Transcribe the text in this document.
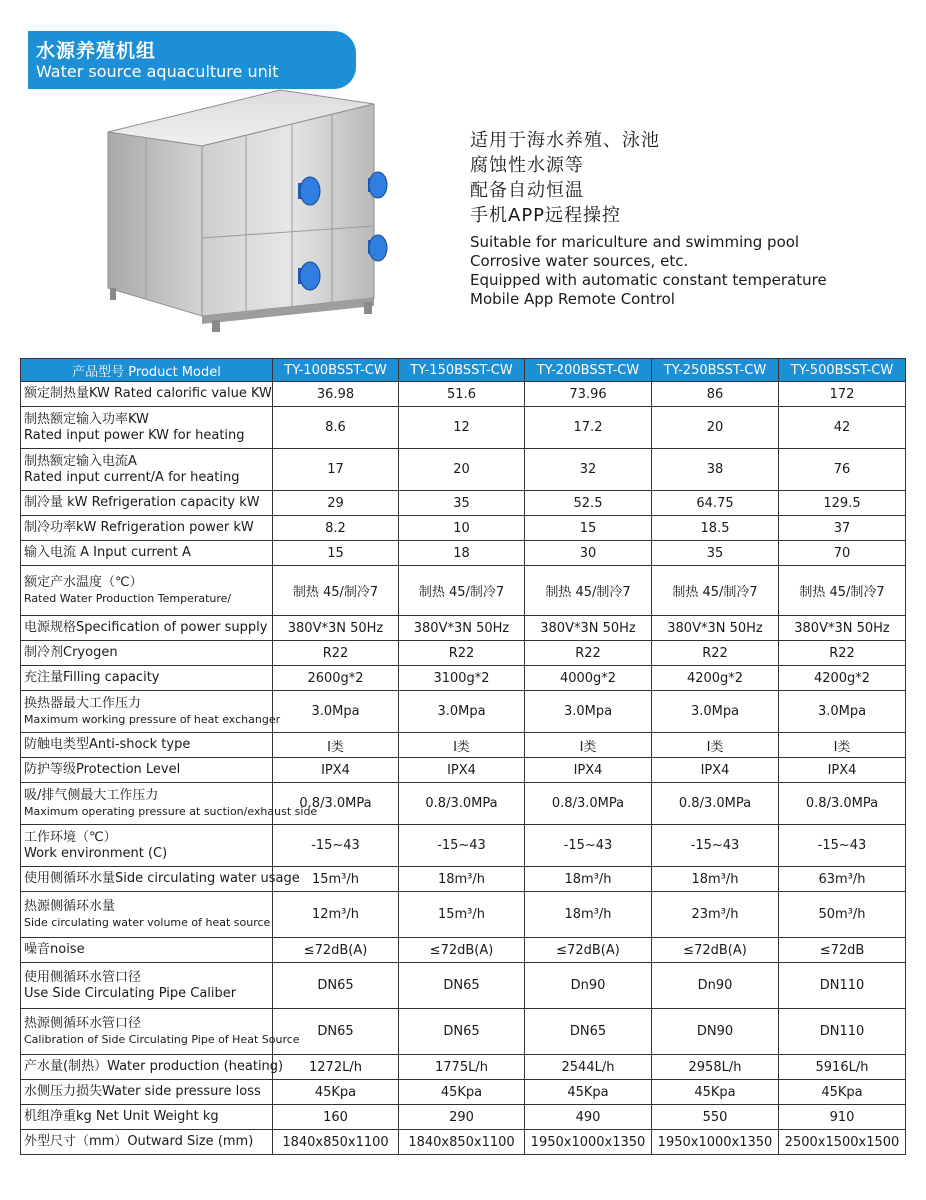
水源养殖机组
Water source aquaculture unit
适用于海水养殖、泳池
腐蚀性水源等
配备自动恒温
手机APP远程操控
Suitable for mariculture and swimming pool
Corrosive water sources, etc.
Equipped with automatic constant temperature
Mobile App Remote Control
产品型号 Product Model	TY-100BSST-CW	TY-150BSST-CW	TY-200BSST-CW	TY-250BSST-CW	TY-500BSST-CW
额定制热量KW Rated calorific value KW	36.98	51.6	73.96	86	172

制热额定输入功率KW
Rated input power KW for heating	8.6	12	17.2	20	42

制热额定输入电流A
Rated input current/A for heating	17	20	32	38	76
制冷量 kW Refrigeration capacity kW	29	35	52.5	64.75	129.5
制冷功率kW Refrigeration power kW	8.2	10	15	18.5	37
输入电流 A Input current A	15	18	30	35	70

额定产水温度（℃）
Rated Water Production Temperature/	制热 45/制冷7	制热 45/制冷7	制热 45/制冷7	制热 45/制冷7	制热 45/制冷7
电源规格Specification of power supply	380V*3N 50Hz	380V*3N 50Hz	380V*3N 50Hz	380V*3N 50Hz	380V*3N 50Hz
制冷剂Cryogen	R22	R22	R22	R22	R22
充注量Filling capacity	2600g*2	3100g*2	4000g*2	4200g*2	4200g*2

换热器最大工作压力
Maximum working pressure of heat exchanger	3.0Mpa	3.0Mpa	3.0Mpa	3.0Mpa	3.0Mpa
防触电类型Anti-shock type	I类	I类	I类	I类	I类
防护等级Protection Level	IPX4	IPX4	IPX4	IPX4	IPX4

吸/排气侧最大工作压力
Maximum operating pressure at suction/exhaust side	0.8/3.0MPa	0.8/3.0MPa	0.8/3.0MPa	0.8/3.0MPa	0.8/3.0MPa

工作环境（℃）
Work environment (C)	-15~43	-15~43	-15~43	-15~43	-15~43
使用侧循环水量Side circulating water usage	15m³/h	18m³/h	18m³/h	18m³/h	63m³/h

热源侧循环水量
Side circulating water volume of heat source	12m³/h	15m³/h	18m³/h	23m³/h	50m³/h
噪音noise	≤72dB(A)	≤72dB(A)	≤72dB(A)	≤72dB(A)	≤72dB

使用侧循环水管口径
Use Side Circulating Pipe Caliber	DN65	DN65	Dn90	Dn90	DN110

热源侧循环水管口径
Calibration of Side Circulating Pipe of Heat Source	DN65	DN65	DN65	DN90	DN110
产水量(制热）Water production (heating)	1272L/h	1775L/h	2544L/h	2958L/h	5916L/h
水侧压力损失Water side pressure loss	45Kpa	45Kpa	45Kpa	45Kpa	45Kpa
机组净重kg Net Unit Weight kg	160	290	490	550	910
外型尺寸（mm）Outward Size (mm)	1840x850x1100	1840x850x1100	1950x1000x1350	1950x1000x1350	2500x1500x1500
